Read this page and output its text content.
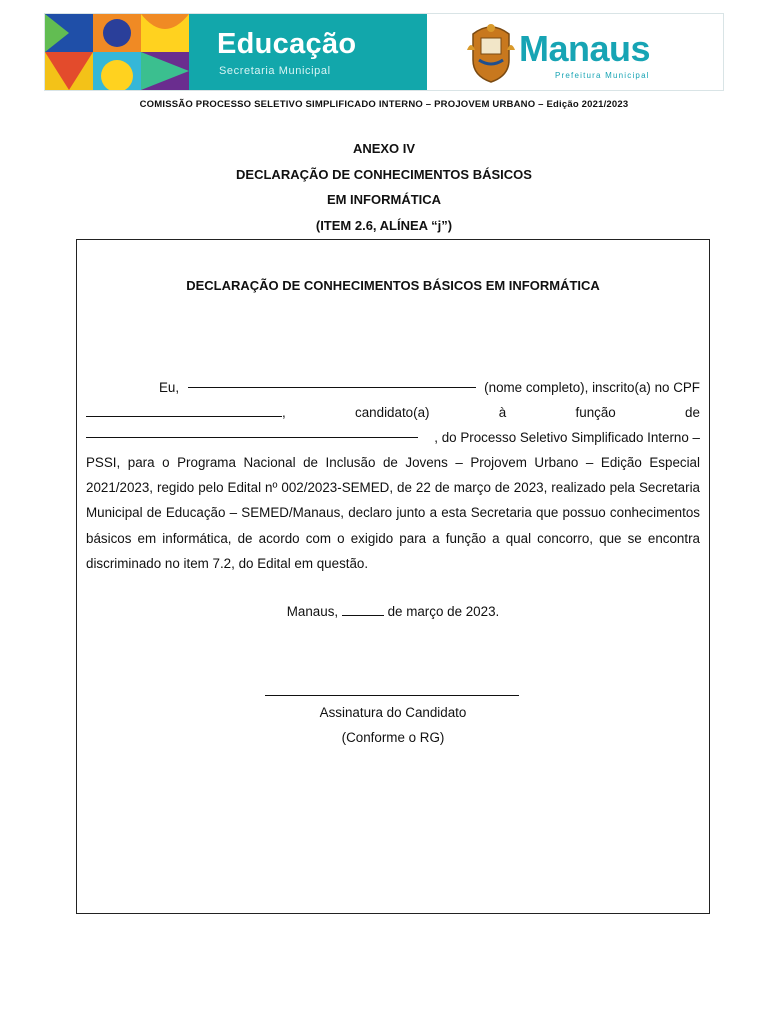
Educação
Secretaria Municipal
Manaus
Prefeitura Municipal
COMISSÃO PROCESSO SELETIVO SIMPLIFICADO INTERNO – PROJOVEM URBANO – Edição 2021/2023
ANEXO IV
DECLARAÇÃO DE CONHECIMENTOS BÁSICOS
EM INFORMÁTICA
(ITEM 2.6, ALÍNEA “j”)
DECLARAÇÃO DE CONHECIMENTOS BÁSICOS EM INFORMÁTICA
Eu,	(nome completo), inscrito(a) no CPF
,	candidato(a)	à	função	de
, do Processo Seletivo Simplificado Interno –
PSSI, para o Programa Nacional de Inclusão de Jovens – Projovem Urbano – Edição Especial 2021/2023, regido pelo Edital nº 002/2023-SEMED, de 22 de março de 2023, realizado pela Secretaria Municipal de Educação – SEMED/Manaus, declaro junto a esta Secretaria que possuo conhecimentos básicos em informática, de acordo com o exigido para a função a qual concorro, que se encontra discriminado no item 7.2, do Edital em questão.
Manaus,	de março de 2023.
Assinatura do Candidato
(Conforme o RG)
